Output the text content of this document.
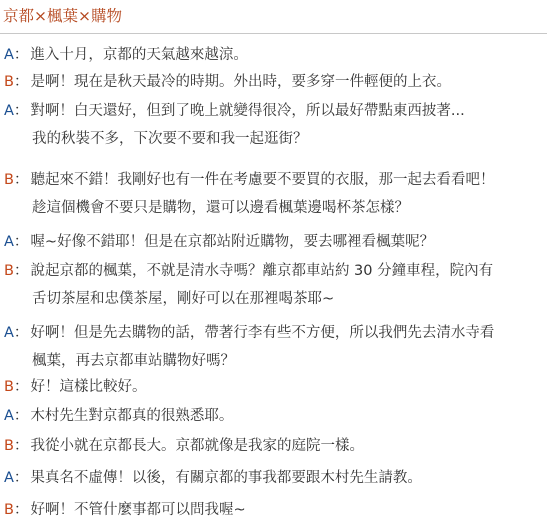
京都×楓葉×購物
A： 進入十月，京都的天氣越來越涼。
B： 是啊！現在是秋天最冷的時期。外出時，要多穿一件輕便的上衣。
A： 對啊！白天還好，但到了晚上就變得很冷，所以最好帶點東西披著...
我的秋裝不多，下次要不要和我一起逛街？
B： 聽起來不錯！我剛好也有一件在考慮要不要買的衣服，那一起去看看吧！
趁這個機會不要只是購物，還可以邊看楓葉邊喝杯茶怎樣？
A： 喔~好像不錯耶！但是在京都站附近購物，要去哪裡看楓葉呢？
B： 說起京都的楓葉，不就是清水寺嗎？離京都車站約 30 分鐘車程，院內有
舌切茶屋和忠僕茶屋，剛好可以在那裡喝茶耶~
A： 好啊！但是先去購物的話，帶著行李有些不方便，所以我們先去清水寺看
楓葉，再去京都車站購物好嗎？
B： 好！這樣比較好。
A： 木村先生對京都真的很熟悉耶。
B： 我從小就在京都長大。京都就像是我家的庭院一樣。
A： 果真名不虛傳！以後，有關京都的事我都要跟木村先生請教。
B： 好啊！不管什麼事都可以問我喔~
